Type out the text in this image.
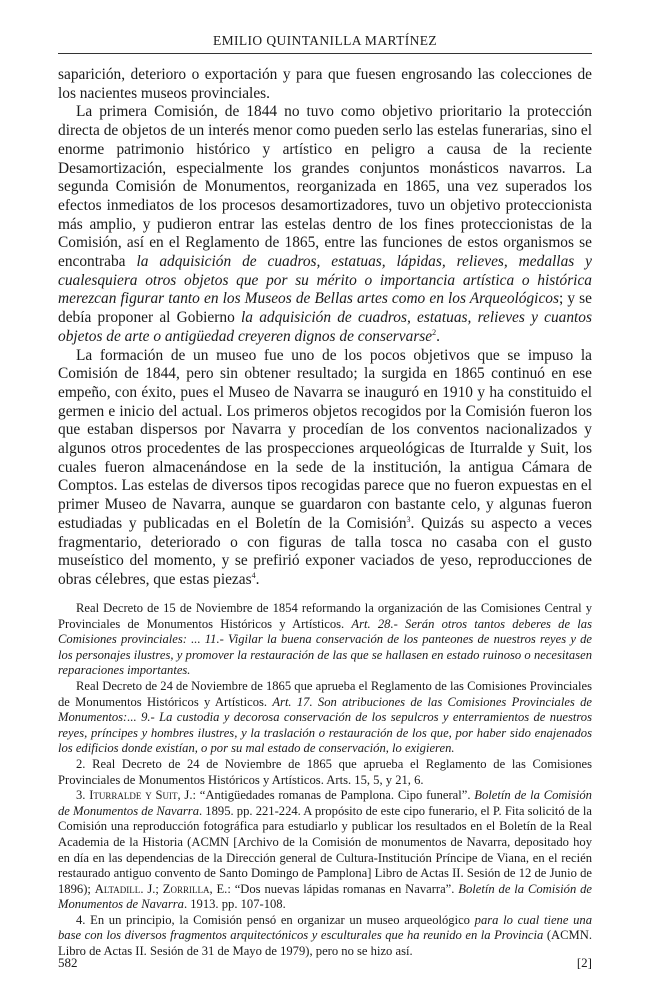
EMILIO QUINTANILLA MARTÍNEZ

saparición, deterioro o exportación y para que fuesen engrosando las colecciones de los nacientes museos provinciales.

La primera Comisión, de 1844 no tuvo como objetivo prioritario la protección directa de objetos de un interés menor como pueden serlo las estelas funerarias, sino el enorme patrimonio histórico y artístico en peligro a causa de la reciente Desamortización, especialmente los grandes conjuntos monásticos navarros. La segunda Comisión de Monumentos, reorganizada en 1865, una vez superados los efectos inmediatos de los procesos desamortizadores, tuvo un objetivo proteccionista más amplio, y pudieron entrar las estelas dentro de los fines proteccionistas de la Comisión, así en el Reglamento de 1865, entre las funciones de estos organismos se encontraba la adquisición de cuadros, estatuas, lápidas, relieves, medallas y cualesquiera otros objetos que por su mérito o importancia artística o histórica merezcan figurar tanto en los Museos de Bellas artes como en los Arqueológicos; y se debía proponer al Gobierno la adquisición de cuadros, estatuas, relieves y cuantos objetos de arte o antigüedad creyeren dignos de conservarse$^2$.

La formación de un museo fue uno de los pocos objetivos que se impuso la Comisión de 1844, pero sin obtener resultado; la surgida en 1865 continuó en ese empeño, con éxito, pues el Museo de Navarra se inauguró en 1910 y ha constituido el germen e inicio del actual. Los primeros objetos recogidos por la Comisión fueron los que estaban dispersos por Navarra y procedían de los conventos nacionalizados y algunos otros procedentes de las prospecciones arqueológicas de Iturralde y Suit, los cuales fueron almacenándose en la sede de la institución, la antigua Cámara de Comptos. Las estelas de diversos tipos recogidas parece que no fueron expuestas en el primer Museo de Navarra, aunque se guardaron con bastante celo, y algunas fueron estudiadas y publicadas en el Boletín de la Comisión$^3$. Quizás su aspecto a veces fragmentario, deteriorado o con figuras de talla tosca no casaba con el gusto museístico del momento, y se prefirió exponer vaciados de yeso, reproducciones de obras célebres, que estas piezas$^4$.

Real Decreto de 15 de Noviembre de 1854 reformando la organización de las Comisiones Central y Provinciales de Monumentos Históricos y Artísticos. Art. 28.- Serán otros tantos deberes de las Comisiones provinciales: ... 11.- Vigilar la buena conservación de los panteones de nuestros reyes y de los personajes ilustres, y promover la restauración de las que se hallasen en estado ruinoso o necesitasen reparaciones importantes.

Real Decreto de 24 de Noviembre de 1865 que aprueba el Reglamento de las Comisiones Provinciales de Monumentos Históricos y Artísticos. Art. 17. Son atribuciones de las Comisiones Provinciales de Monumentos:... 9.- La custodia y decorosa conservación de los sepulcros y enterramientos de nuestros reyes, príncipes y hombres ilustres, y la traslación o restauración de los que, por haber sido enajenados los edificios donde existían, o por su mal estado de conservación, lo exigieren.

2. Real Decreto de 24 de Noviembre de 1865 que aprueba el Reglamento de las Comisiones Provinciales de Monumentos Históricos y Artísticos. Arts. 15, 5, y 21, 6.

3. Iturralde y Suit, J.: “Antigüedades romanas de Pamplona. Cipo funeral”. Boletín de la Comisión de Monumentos de Navarra. 1895. pp. 221-224. A propósito de este cipo funerario, el P. Fita solicitó de la Comisión una reproducción fotográfica para estudiarlo y publicar los resultados en el Boletín de la Real Academia de la Historia (ACMN [Archivo de la Comisión de monumentos de Navarra, depositado hoy en día en las dependencias de la Dirección general de Cultura-Institución Príncipe de Viana, en el recién restaurado antiguo convento de Santo Domingo de Pamplona] Libro de Actas II. Sesión de 12 de Junio de 1896); Altadill. J.; Zorrilla, E.: “Dos nuevas lápidas romanas en Navarra”. Boletín de la Comisión de Monumentos de Navarra. 1913. pp. 107-108.

4. En un principio, la Comisión pensó en organizar un museo arqueológico para lo cual tiene una base con los diversos fragmentos arquitectónicos y esculturales que ha reunido en la Provincia (ACMN. Libro de Actas II. Sesión de 31 de Mayo de 1979), pero no se hizo así.

582	[2]
